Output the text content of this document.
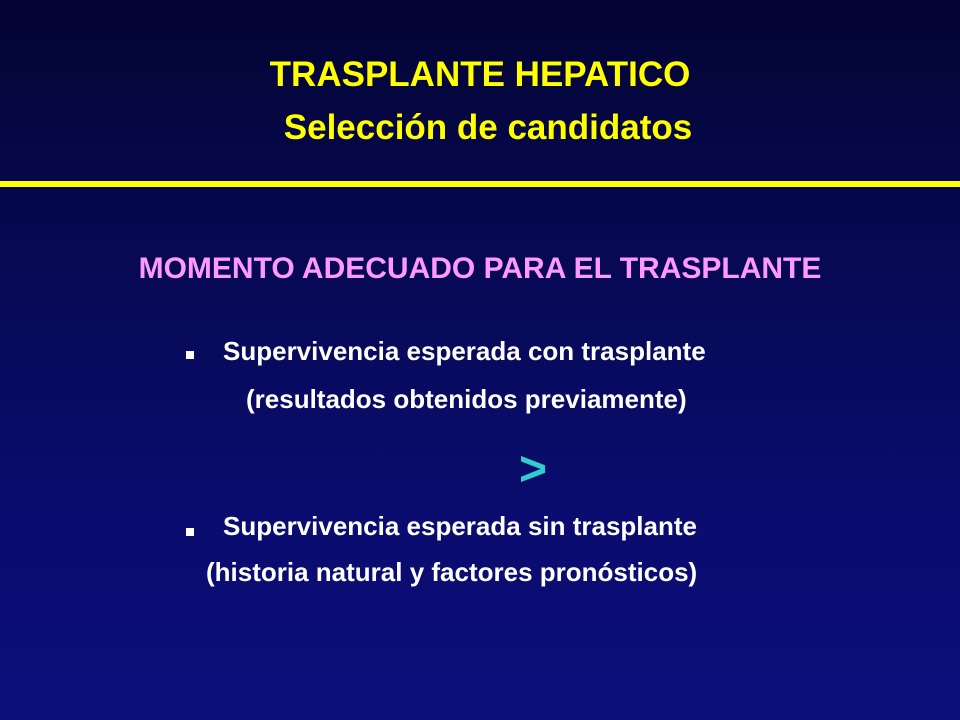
TRASPLANTE HEPATICO
Selección de candidatos
MOMENTO ADECUADO PARA EL TRASPLANTE
Supervivencia esperada con trasplante
(resultados obtenidos previamente)
>
Supervivencia esperada sin trasplante
(historia natural y factores pronósticos)
